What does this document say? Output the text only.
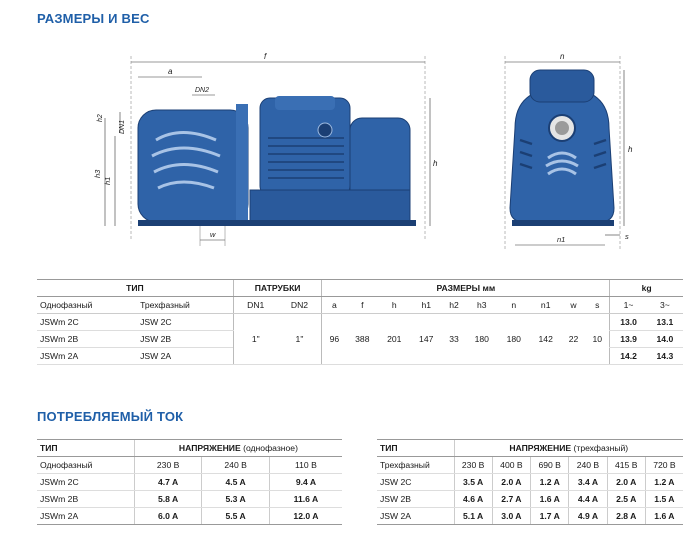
РАЗМЕРЫ И ВЕС
f
a
DN2
h3
h1
h2
DN1
h
w
n
h
n1	s
ТИП		ПАТРУБКИ		РАЗМЕРЫ мм										kg	
Однофазный	Трехфазный	DN1	DN2	a	f	h	h1	h2	h3	n	n1	w	s	1~	3~
JSWm 2C	JSW 2C	1"	1"	96	388	201	147	33	180	180	142	22	10	13.0	13.1
JSWm 2B	JSW 2B													13.9	14.0
JSWm 2A	JSW 2A													14.2	14.3
ПОТРЕБЛЯЕМЫЙ ТОК
ТИП	НАПРЯЖЕНИЕ (однофазное)		
Однофазный	230 В	240 В	110 В
JSWm 2C	4.7 A	4.5 A	9.4 A
JSWm 2B	5.8 A	5.3 A	11.6 A
JSWm 2A	6.0 A	5.5 A	12.0 A
ТИП	НАПРЯЖЕНИЕ (трехфазный)					
Трехфазный	230 В	400 В	690 В	240 В	415 В	720 В
JSW 2C	3.5 A	2.0 A	1.2 A	3.4 A	2.0 A	1.2 A
JSW 2B	4.6 A	2.7 A	1.6 A	4.4 A	2.5 A	1.5 A
JSW 2A	5.1 A	3.0 A	1.7 A	4.9 A	2.8 A	1.6 A
